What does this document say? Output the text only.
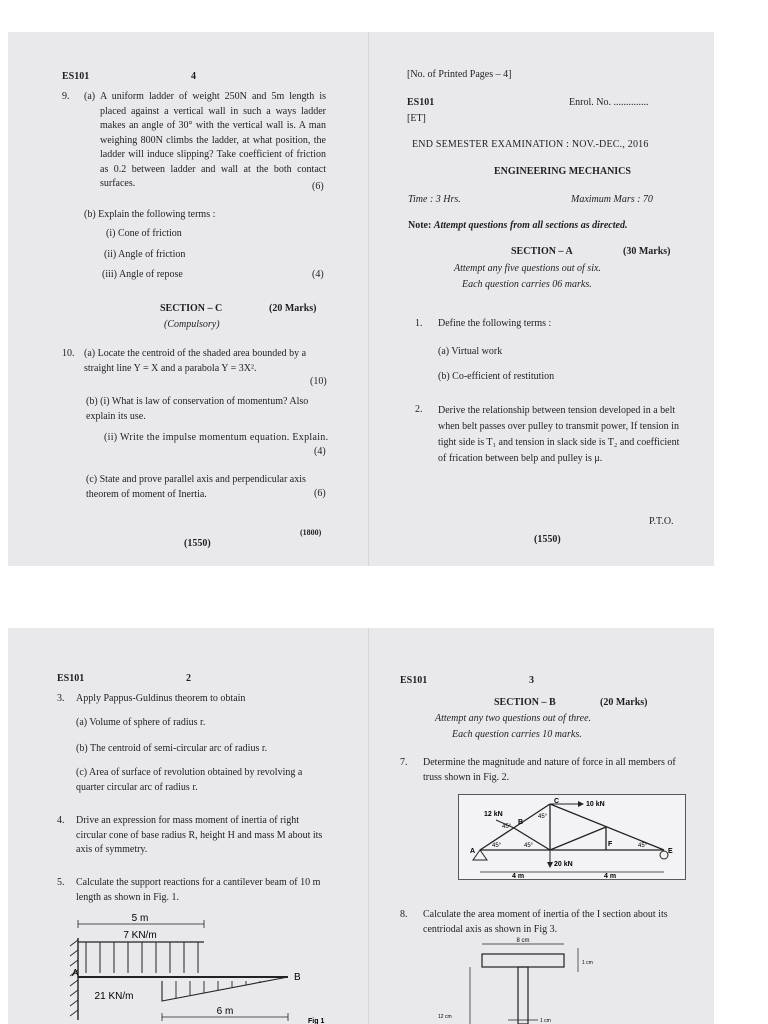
ES101	4
9. (a) A uniform ladder of weight 250N and 5m length is placed against a vertical wall in such a ways ladder makes an angle of 30° with the vertical wall is. A man weighing 800N climbs the ladder, at what position, the ladder will induce slipping? Take coefficient of friction as 0.2 between ladder and wall at the both contact surfaces.	(6)
(b) Explain the following terms :
(i) Cone of friction
(ii) Angle of friction
(iii) Angle of repose	(4)
SECTION – C	(20 Marks)
(Compulsory)
10. (a) Locate the centroid of the shaded area bounded by a straight line Y = X and a parabola Y = 3X².
(10)
(b) (i) What is law of conservation of momentum? Also explain its use.
(ii) Write the impulse momentum equation. Explain.
(4)
(c) State and prove parallel axis and perpendicular axis theorem of moment of Inertia.	(6)
(1800)
(1550)
[No. of Printed Pages – 4]
ES101	Enrol. No. ..............
[ET]
END SEMESTER EXAMINATION : NOV.-DEC., 2016
ENGINEERING MECHANICS
Time : 3 Hrs.	Maximum Mars : 70
Note: Attempt questions from all sections as directed.
SECTION – A	(30 Marks)
Attempt any five questions out of six.
Each question carries 06 marks.
1. Define the following terms :
(a) Virtual work
(b) Co-efficient of restitution
2. Derive the relationship between tension developed in a belt when belt passes over pulley to transmit power, If tension in tight side is T₁ and tension in slack side is T₂ and coefficient of frication between belp and pulley is μ.
P.T.O.
(1550)
ES101	2
3. Apply Pappus-Guldinus theorem to obtain
(a) Volume of sphere of radius r.
(b) The centroid of semi-circular arc of radius r.
(c) Area of surface of revolution obtained by revolving a quarter circular arc of radius r.
4. Drive an expression for mass moment of inertia of right circular cone of base radius R, height H and mass M about its axis of symmetry.
5. Calculate the support reactions for a cantilever beam of 10 m length as shown in Fig. 1.
5 m
7 KN/m
21 KN/m
6 m
A	B
Fig 1
ES101	3
SECTION – B	(20 Marks)
Attempt any two questions out of three.
Each question carries 10 marks.
7. Determine the magnitude and nature of force in all members of truss shown in Fig. 2.
10 kN
12 kN
20 kN
45°
45°
45°	45°	45°
4 m	4 m
A
B
C
E
F
8. Calculate the area moment of inertia of the I section about its centriodal axis as shown in Fig 3.
8 cm
1 cm
12 cm
1 cm
